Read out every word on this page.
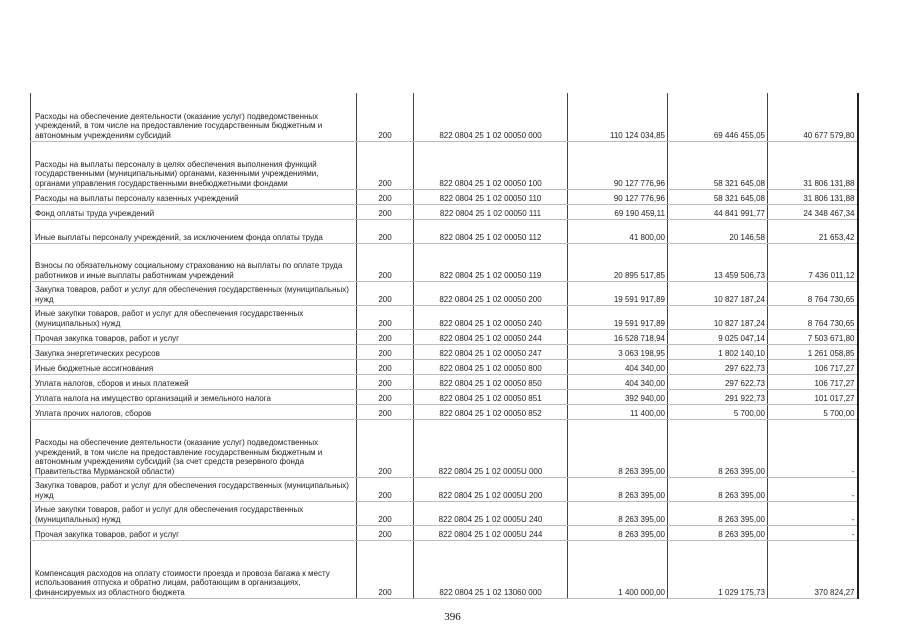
Расходы на обеспечение деятельности (оказание услуг) подведомственных учреждений, в том числе на предоставление государственным бюджетным и автономным учреждениям субсидий	200	822 0804 25 1 02 00050 000	110 124 034,85	69 446 455,05	40 677 579,80
Расходы на выплаты персоналу в целях обеспечения выполнения функций государственными (муниципальными) органами, казенными учреждениями, органами управления государственными внебюджетными фондами	200	822 0804 25 1 02 00050 100	90 127 776,96	58 321 645,08	31 806 131,88
Расходы на выплаты персоналу казенных учреждений	200	822 0804 25 1 02 00050 110	90 127 776,96	58 321 645,08	31 806 131,88
Фонд оплаты труда учреждений	200	822 0804 25 1 02 00050 111	69 190 459,11	44 841 991,77	24 348 467,34
Иные выплаты персоналу учреждений, за исключением фонда оплаты труда	200	822 0804 25 1 02 00050 112	41 800,00	20 146,58	21 653,42
Взносы по обязательному социальному страхованию на выплаты по оплате труда работников и иные выплаты работникам учреждений	200	822 0804 25 1 02 00050 119	20 895 517,85	13 459 506,73	7 436 011,12
Закупка товаров, работ и услуг для обеспечения государственных (муниципальных) нужд	200	822 0804 25 1 02 00050 200	19 591 917,89	10 827 187,24	8 764 730,65
Иные закупки товаров, работ и услуг для обеспечения государственных (муниципальных) нужд	200	822 0804 25 1 02 00050 240	19 591 917,89	10 827 187,24	8 764 730,65
Прочая закупка товаров, работ и услуг	200	822 0804 25 1 02 00050 244	16 528 718,94	9 025 047,14	7 503 671,80
Закупка энергетических ресурсов	200	822 0804 25 1 02 00050 247	3 063 198,95	1 802 140,10	1 261 058,85
Иные бюджетные ассигнования	200	822 0804 25 1 02 00050 800	404 340,00	297 622,73	106 717,27
Уплата налогов, сборов и иных платежей	200	822 0804 25 1 02 00050 850	404 340,00	297 622,73	106 717,27
Уплата налога на имущество организаций и земельного налога	200	822 0804 25 1 02 00050 851	392 940,00	291 922,73	101 017,27
Уплата прочих налогов, сборов	200	822 0804 25 1 02 00050 852	11 400,00	5 700,00	5 700,00
Расходы на обеспечение деятельности (оказание услуг) подведомственных учреждений, в том числе на предоставление государственным бюджетным и автономным учреждениям субсидий (за счет средств резервного фонда Правительства Мурманской области)	200	822 0804 25 1 02 0005U 000	8 263 395,00	8 263 395,00	-
Закупка товаров, работ и услуг для обеспечения государственных (муниципальных) нужд	200	822 0804 25 1 02 0005U 200	8 263 395,00	8 263 395,00	-
Иные закупки товаров, работ и услуг для обеспечения государственных (муниципальных) нужд	200	822 0804 25 1 02 0005U 240	8 263 395,00	8 263 395,00	-
Прочая закупка товаров, работ и услуг	200	822 0804 25 1 02 0005U 244	8 263 395,00	8 263 395,00	-
Компенсация расходов на оплату стоимости проезда и провоза багажа к месту использования отпуска и обратно лицам, работающим в организациях, финансируемых из областного бюджета	200	822 0804 25 1 02 13060 000	1 400 000,00	1 029 175,73	370 824,27
396
